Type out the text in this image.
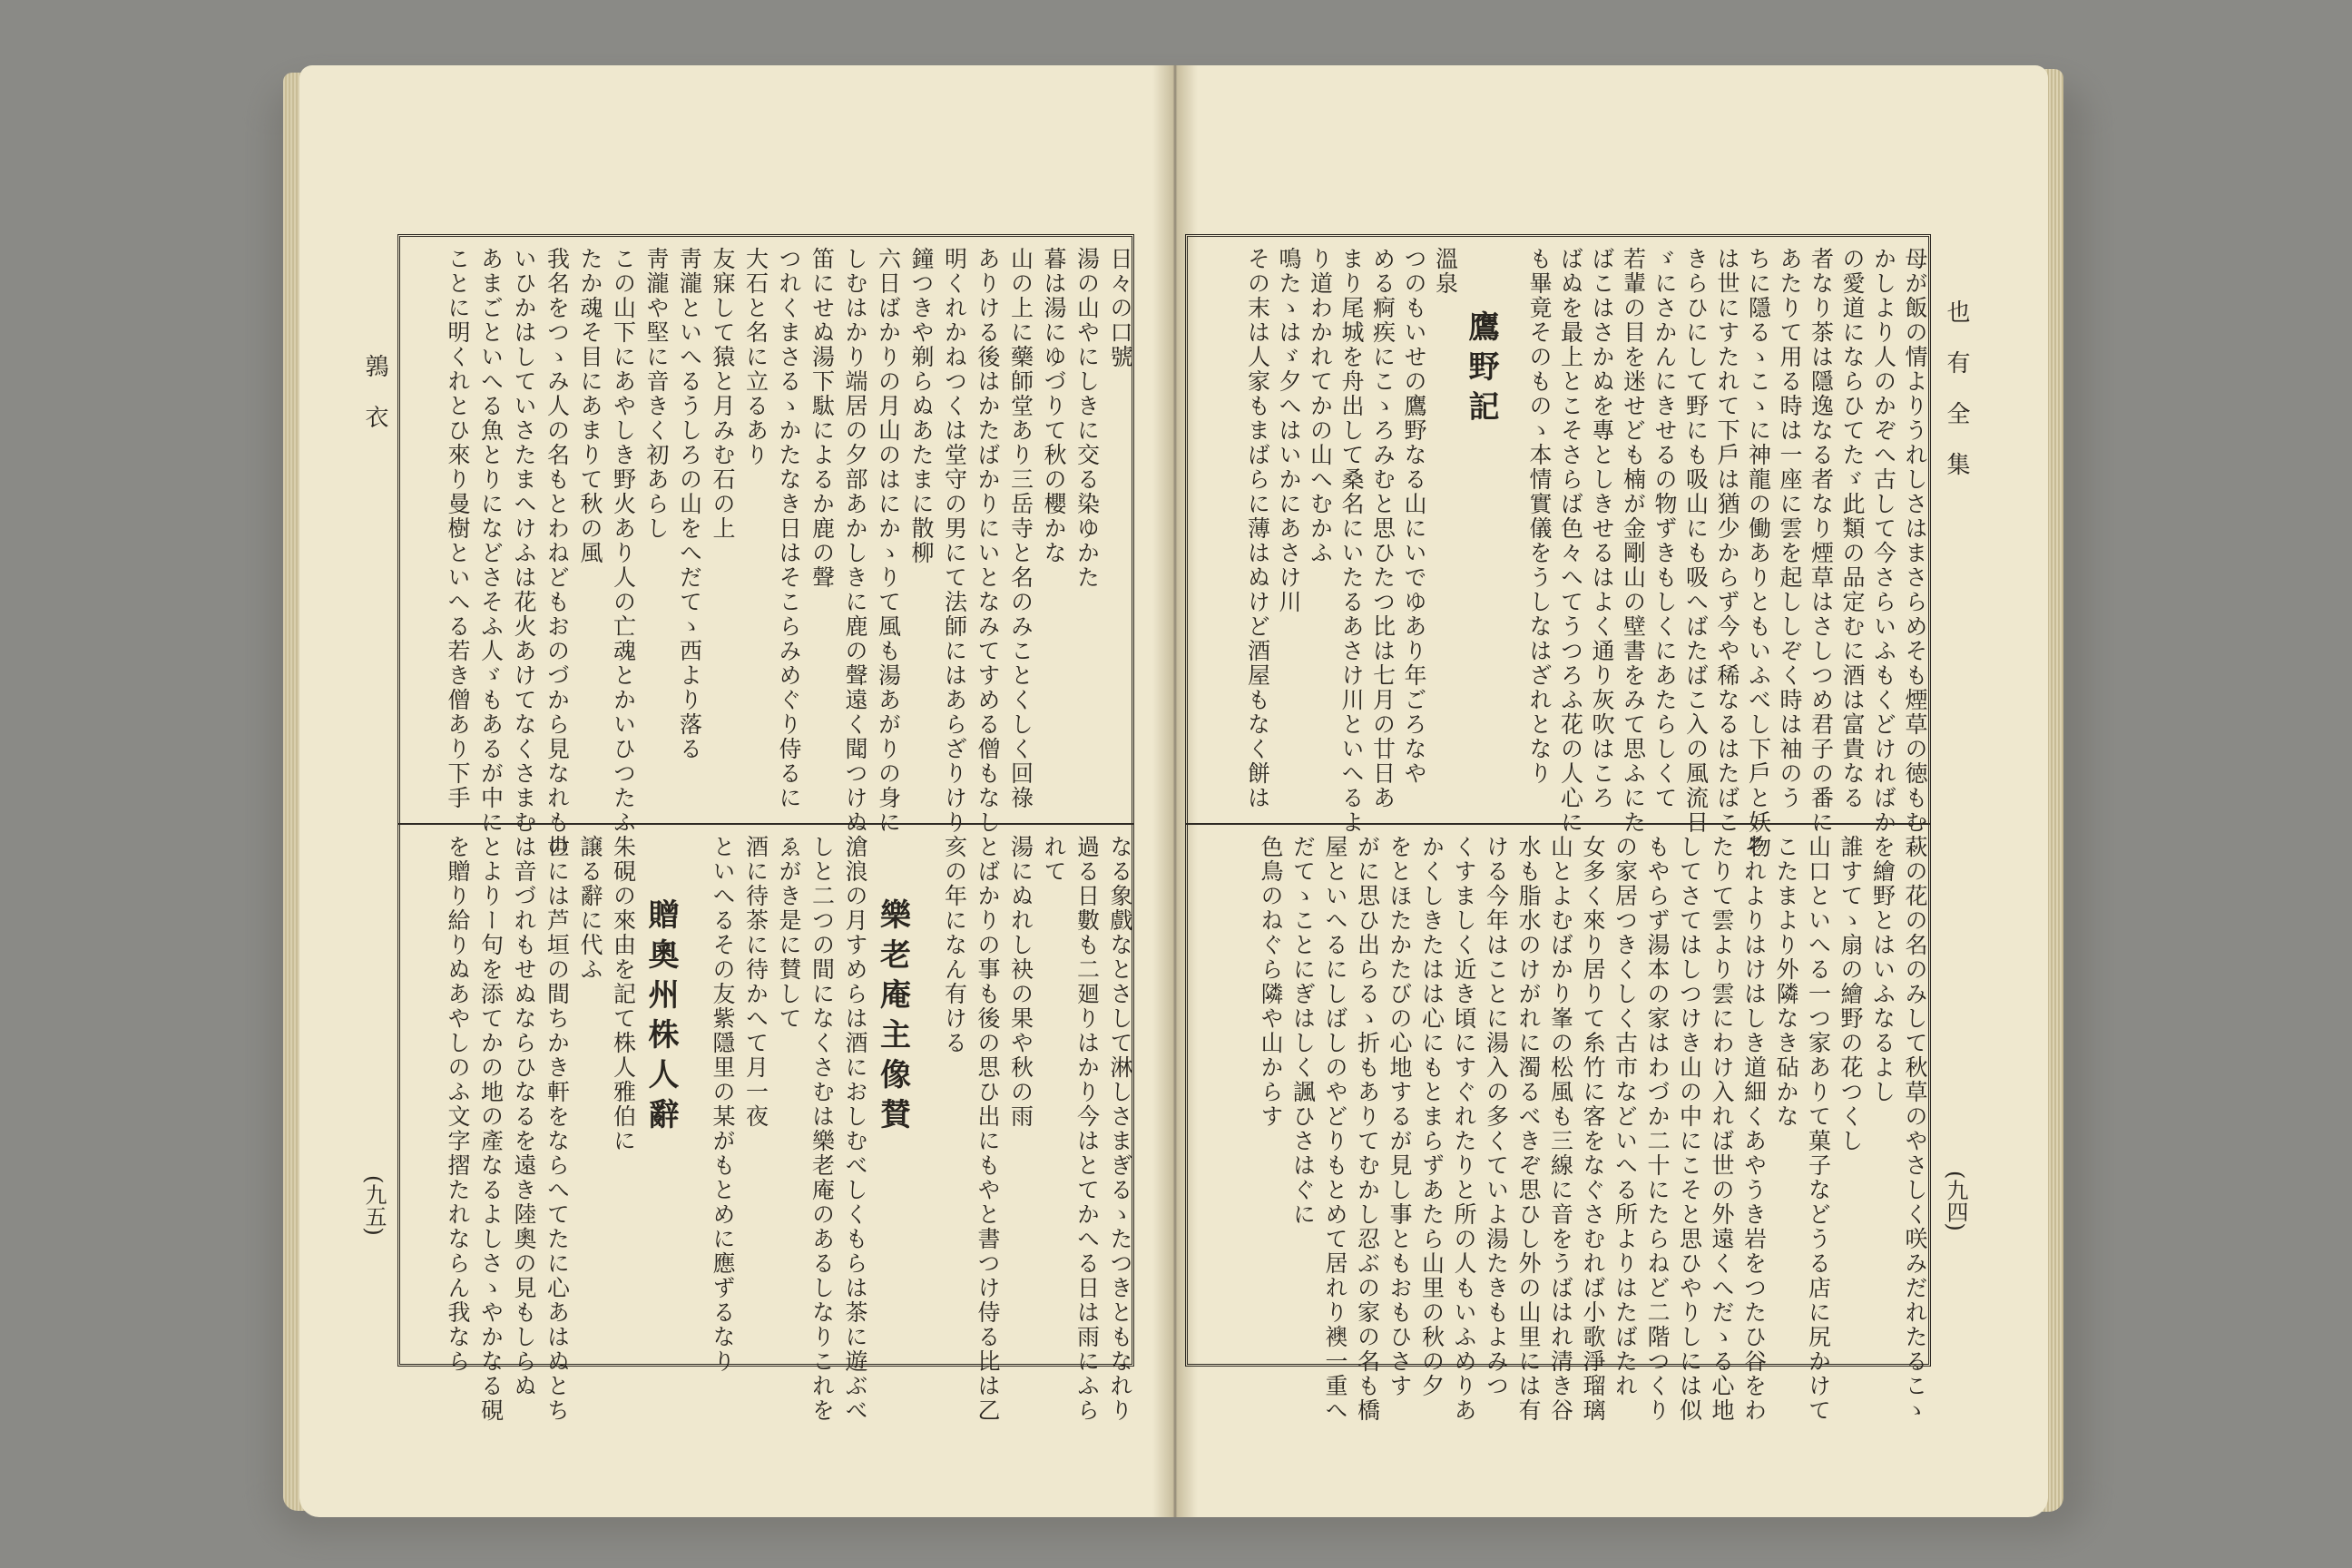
也有全集
(九四)
鶉衣
(九五)
母が飯の情よりうれしさはまさらめそも煙草の徳もむ
かしより人のかぞへ古して今さらいふもくどければか
の愛道にならひてたゞ此類の品定むに酒は富貴なる
者なり茶は隱逸なる者なり煙草はさしつめ君子の番に
あたりて用る時は一座に雲を起ししぞく時は袖のう
ちに隱るゝこゝに神龍の働ありともいふべし下戶と妖物
は世にすたれて下戶は猶少からず今や稀なるはたばこ
きらひにして野にも吸山にも吸へばたばこ入の風流日
ゞにさかんにきせるの物ずきもしくにあたらしくて
若輩の目を迷せども楠が金剛山の壁書をみて思ふにた
ばこはさかぬを專としきせるはよく通り灰吹はころ
ばぬを最上とこそさらば色々へてうつろふ花の人心に
も畢竟そのものゝ本情實儀をうしなはざれとなり
鷹野記
溫泉
つのもいせの鷹野なる山にいでゆあり年ごろなや
める痾疾にこゝろみむと思ひたつ比は七月の廿日あ
まり尾城を舟出して桑名にいたるあさけ川といへるよ
り道わかれてかの山へむかふ
鳴たゝはゞ夕へはいかにあさけ川
その末は人家もまばらに薄はぬけど酒屋もなく餅は
萩の花の名のみして秋草のやさしく咲みだれたるこゝ
を繪野とはいふなるよし
誰すてゝ扇の繪野の花つくし
山口といへる一つ家ありて菓子などうる店に尻かけて
こたまより外隣なき砧かな
それよりはけはしき道細くあやうき岩をつたひ谷をわ
たりて雲より雲にわけ入れば世の外遠くへだゝる心地
してさてはしつけき山の中にこそと思ひやりしには似
もやらず湯本の家はわづか二十にたらねど二階つくり
の家居つきくしく古市などいへる所よりはたばたれ
女多く來り居りて糸竹に客をなぐさむれば小歌淨瑠璃
山とよむばかり峯の松風も三線に音をうばはれ清き谷
水も脂水のけがれに濁るべきぞ思ひし外の山里には有
ける今年はことに湯入の多くていよ湯たきもよみつ
くすましく近き頃にすぐれたりと所の人もいふめりあ
かくしきたはは心にもとまらずあたら山里の秋の夕
をとほたかたびの心地するが見し事ともおもひさす
がに思ひ出らるゝ折もありてむかし忍ぶの家の名も橋
屋といへるにしばしのやどりもとめて居れり襖一重へ
だてゝことにぎはしく諷ひさはぐに
色鳥のねぐら隣や山からす
日々の口號
湯の山やにしきに交る染ゆかた
暮は湯にゆづりて秋の櫻かな
山の上に藥師堂あり三岳寺と名のみことくしく回祿
ありける後はかたばかりにいとなみてすめる僧もなし
明くれかねつくは堂守の男にて法師にはあらざりけり
鐘つきや剃らぬあたまに散柳
六日ばかりの月山のはにかゝりて風も湯あがりの身に
しむはかり端居の夕部あかしきに鹿の聲遠く聞つけぬ
笛にせぬ湯下駄によるか鹿の聲
つれくまさるゝかたなき日はそこらみめぐり侍るに
大石と名に立るあり
友寐して猿と月みむ石の上
靑瀧といへるうしろの山をへだてゝ西より落る
靑瀧や堅に音きく初あらし
この山下にあやしき野火あり人の亡魂とかいひつたふ
たか魂そ目にあまりて秋の風
我名をつゝみ人の名もとわねどもおのづから見なれもの
いひかはしていさたまへけふは花火あけてなくさまむ
あまごといへる魚とりになどさそふ人ゞもあるが中に
ことに明くれとひ來り曼樹といへる若き僧あり下手
なる象戲なとさして淋しさまぎるゝたつきともなれり
過る日數も二廻りはかり今はとてかへる日は雨にふら
れて
湯にぬれし袂の果や秋の雨
とばかりの事も後の思ひ出にもやと書つけ侍る比は乙
亥の年になん有ける
樂老庵主像賛
滄浪の月すめらは酒におしむべしくもらは茶に遊ぶべ
しと二つの間になくさむは樂老庵のあるしなりこれを
ゑがき是に賛して
酒に待茶に待かへて月一夜
といへるその友紫隱里の某がもとめに應ずるなり
贈奧州株人辭
朱硯の來由を記て株人雅伯に
譲る辭に代ふ
世には芦垣の間ちかき軒をならへてたに心あはぬとち
は音づれもせぬならひなるを遠き陸奧の見もしらぬ
とよりー句を添てかの地の產なるよしさゝやかなる硯
を贈り給りぬあやしのふ文字摺たれならん我なら
